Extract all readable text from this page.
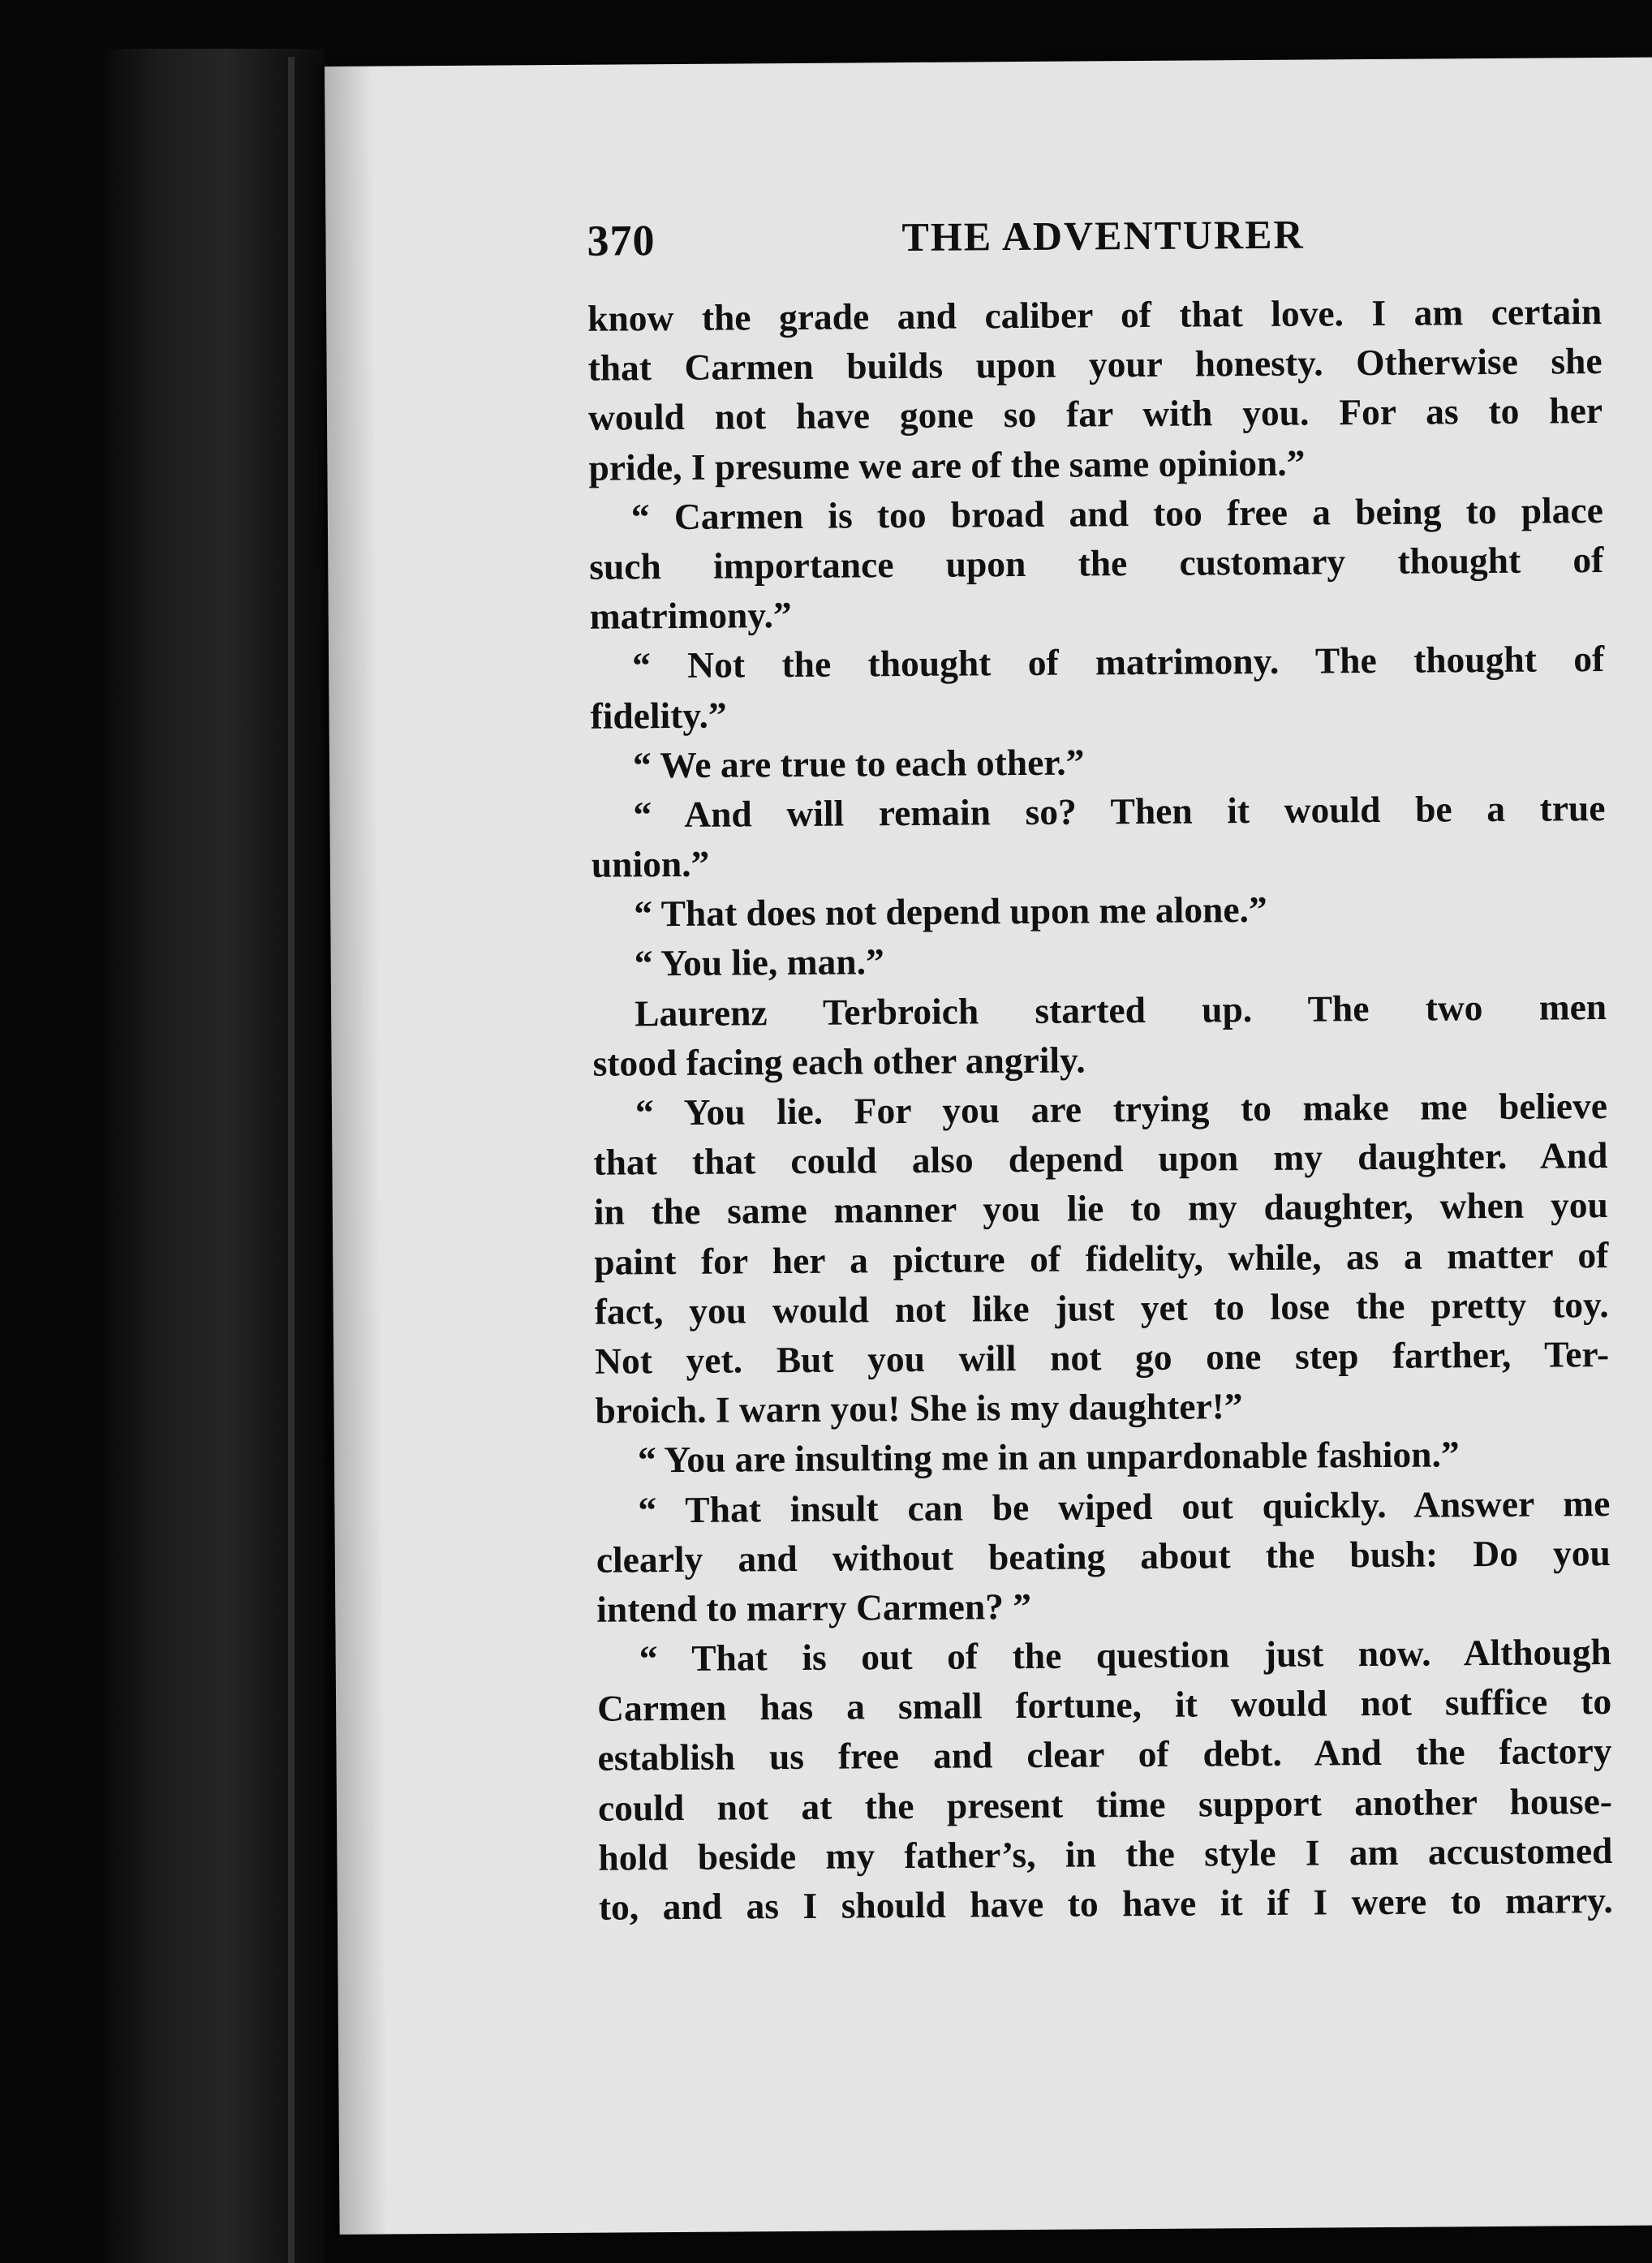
370	THE ADVENTURER
know the grade and caliber of that love. I am certain
that Carmen builds upon your honesty. Otherwise she
would not have gone so far with you. For as to her
pride, I presume we are of the same opinion.”
“ Carmen is too broad and too free a being to place
such importance upon the customary thought of
matrimony.”
“ Not the thought of matrimony. The thought of
fidelity.”
“ We are true to each other.”
“ And will remain so? Then it would be a true
union.”
“ That does not depend upon me alone.”
“ You lie, man.”
Laurenz Terbroich started up. The two men
stood facing each other angrily.
“ You lie. For you are trying to make me believe
that that could also depend upon my daughter. And
in the same manner you lie to my daughter, when you
paint for her a picture of fidelity, while, as a matter of
fact, you would not like just yet to lose the pretty toy.
Not yet. But you will not go one step farther, Ter-
broich. I warn you! She is my daughter!”
“ You are insulting me in an unpardonable fashion.”
“ That insult can be wiped out quickly. Answer me
clearly and without beating about the bush: Do you
intend to marry Carmen? ”
“ That is out of the question just now. Although
Carmen has a small fortune, it would not suffice to
establish us free and clear of debt. And the factory
could not at the present time support another house-
hold beside my father’s, in the style I am accustomed
to, and as I should have to have it if I were to marry.
